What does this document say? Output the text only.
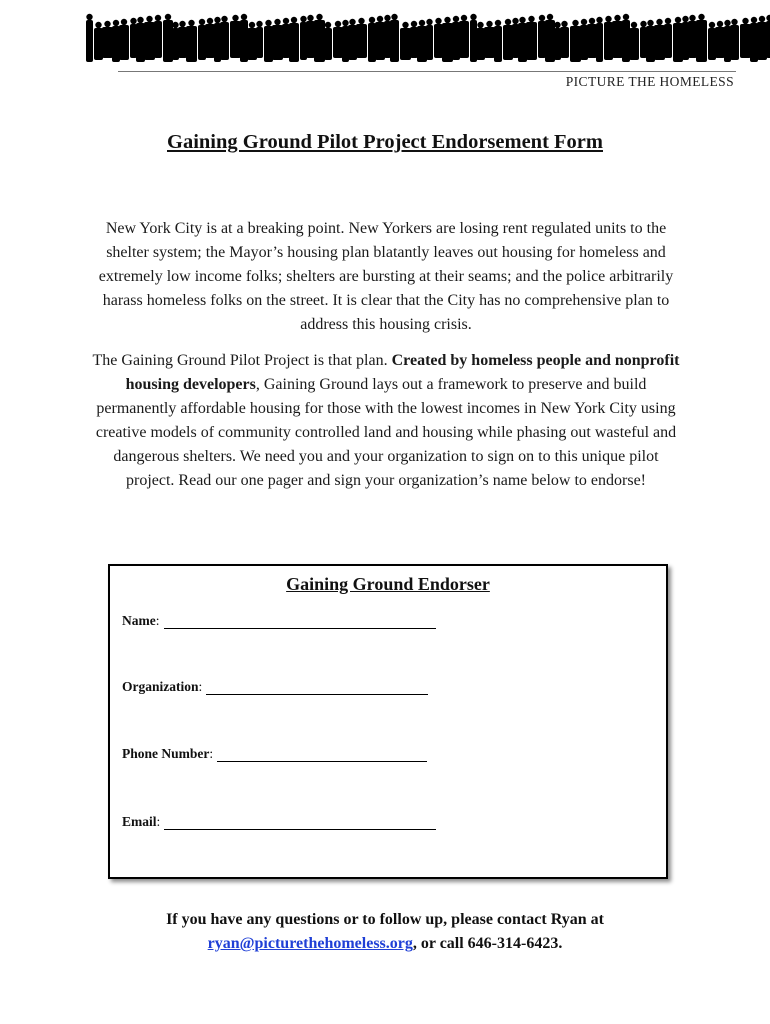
PICTURE THE HOMELESS
Gaining Ground Pilot Project Endorsement Form
New York City is at a breaking point. New Yorkers are losing rent regulated units to the shelter system; the Mayor’s housing plan blatantly leaves out housing for homeless and extremely low income folks; shelters are bursting at their seams; and the police arbitrarily harass homeless folks on the street. It is clear that the City has no comprehensive plan to address this housing crisis.
The Gaining Ground Pilot Project is that plan. Created by homeless people and nonprofit housing developers, Gaining Ground lays out a framework to preserve and build permanently affordable housing for those with the lowest incomes in New York City using creative models of community controlled land and housing while phasing out wasteful and dangerous shelters. We need you and your organization to sign on to this unique pilot project. Read our one pager and sign your organization’s name below to endorse!
Gaining Ground Endorser
Name :
Organization :
Phone Number :
Email :
If you have any questions or to follow up, please contact Ryan at
ryan@picturethehomeless.org, or call 646-314-6423.
